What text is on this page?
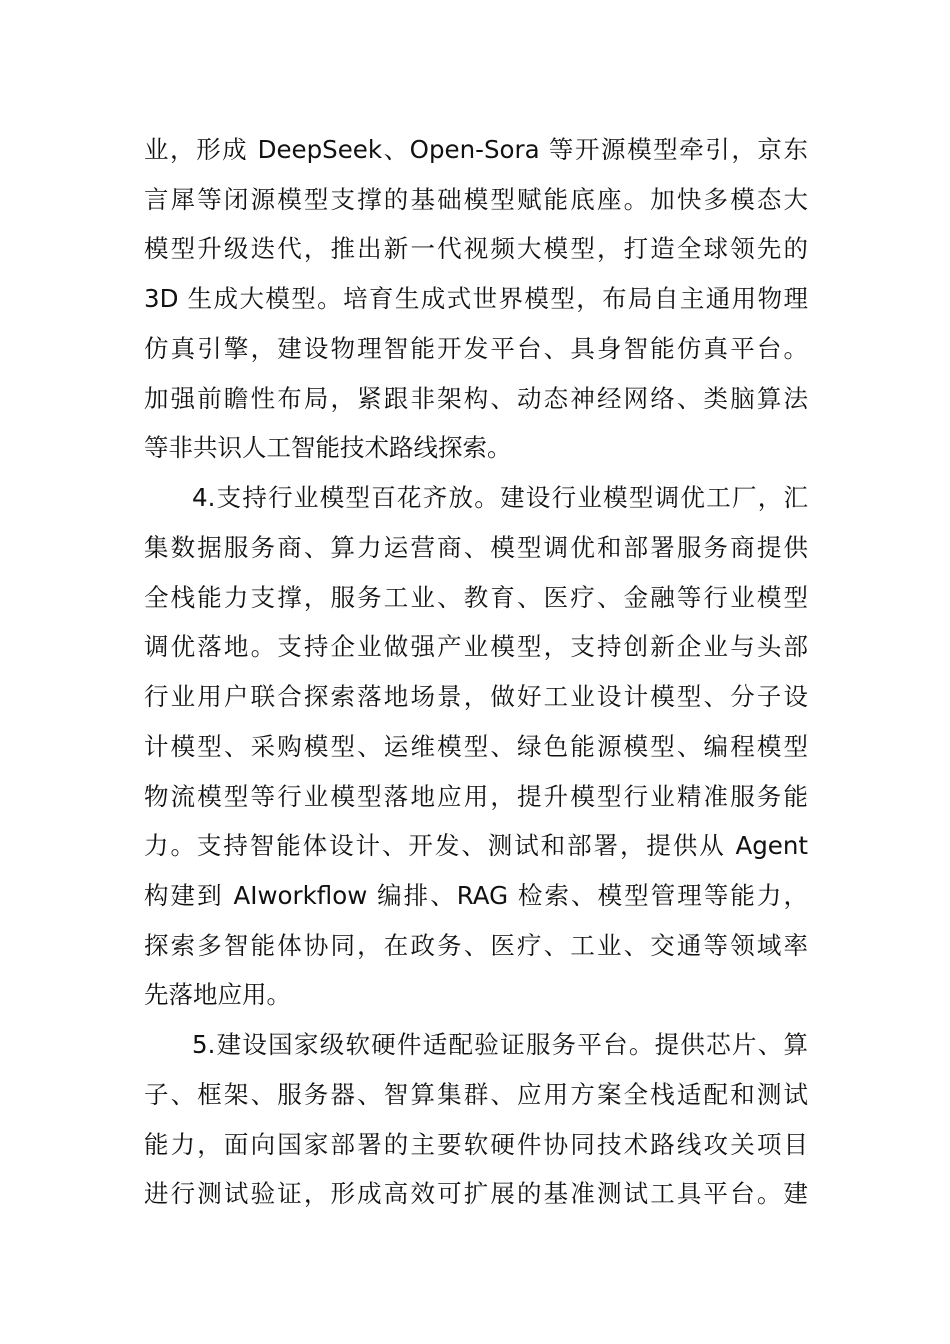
业，形成 DeepSeek、Open-Sora 等开源模型牵引，京东
言犀等闭源模型支撑的基础模型赋能底座。加快多模态大
模型升级迭代，推出新一代视频大模型，打造全球领先的
3D 生成大模型。培育生成式世界模型，布局自主通用物理
仿真引擎，建设物理智能开发平台、具身智能仿真平台。
加强前瞻性布局，紧跟非架构、动态神经网络、类脑算法
等非共识人工智能技术路线探索。
4.支持行业模型百花齐放。建设行业模型调优工厂，汇
集数据服务商、算力运营商、模型调优和部署服务商提供
全栈能力支撑，服务工业、教育、医疗、金融等行业模型
调优落地。支持企业做强产业模型，支持创新企业与头部
行业用户联合探索落地场景，做好工业设计模型、分子设
计模型、采购模型、运维模型、绿色能源模型、编程模型
物流模型等行业模型落地应用，提升模型行业精准服务能
力。支持智能体设计、开发、测试和部署，提供从 Agent
构建到 AIworkflow 编排、RAG 检索、模型管理等能力，
探索多智能体协同，在政务、医疗、工业、交通等领域率
先落地应用。
5.建设国家级软硬件适配验证服务平台。提供芯片、算
子、框架、服务器、智算集群、应用方案全栈适配和测试
能力，面向国家部署的主要软硬件协同技术路线攻关项目
进行测试验证，形成高效可扩展的基准测试工具平台。建
